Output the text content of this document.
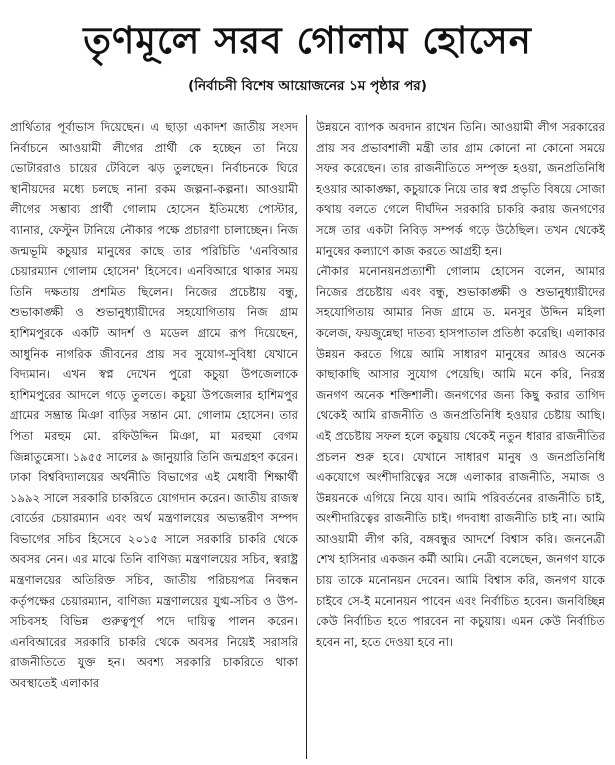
তৃণমূলে সরব গোলাম হোসেন
(নির্বাচনী বিশেষ আয়োজনের ১ম পৃষ্ঠার পর)

প্রার্থিতার পূর্বাভাস দিয়েছেন। এ ছাড়া একাদশ জাতীয় সংসদ নির্বাচনে আওয়ামী লীগের প্রার্থী কে হচ্ছেন তা নিয়ে ভোটাররাও চায়ের টেবিলে ঝড় তুলছেন। নির্বাচনকে ঘিরে স্থানীয়দের মধ্যে চলছে নানা রকম জল্পনা-কল্পনা। আওয়ামী লীগের সম্ভাব্য প্রার্থী গোলাম হোসেন ইতিমধ্যে পোস্টার, ব্যানার, ফেস্টুন টানিয়ে নৌকার পক্ষে প্রচারণা চালাচ্ছেন। নিজ জন্মভূমি কচুয়ার মানুষের কাছে তার পরিচিতি 'এনবিআর চেয়ারম্যান গোলাম হোসেন' হিসেবে। এনবিআরে থাকার সময় তিনি দক্ষতায় প্রশমিত ছিলেন। নিজের প্রচেষ্টায় বন্ধু, শুভাকাঙ্ক্ষী ও শুভানুধ্যায়ীদের সহযোগিতায় নিজ গ্রাম হাশিমপুরকে একটি আদর্শ ও মডেল গ্রামে রূপ দিয়েছেন, আধুনিক নাগরিক জীবনের প্রায় সব সুযোগ-সুবিধা যেখানে বিদ্যমান। এখন স্বপ্ন দেখেন পুরো কচুয়া উপজেলাকে হাশিমপুরের আদলে গড়ে তুলতে। কচুয়া উপজেলার হাশিমপুর গ্রামের সম্ভ্রান্ত মিঞা বাড়ির সন্তান মো. গোলাম হোসেন। তার পিতা মরহুম মো. রফিউদ্দিন মিঞা, মা মরহুমা বেগম জিন্নাতুন্নেসা। ১৯৫৫ সালের ৯ জানুয়ারি তিনি জন্মগ্রহণ করেন। ঢাকা বিশ্ববিদ্যালয়ের অর্থনীতি বিভাগের এই মেধাবী শিক্ষার্থী ১৯৯২ সালে সরকারি চাকরিতে যোগদান করেন। জাতীয় রাজস্ব বোর্ডের চেয়ারম্যান এবং অর্থ মন্ত্রণালয়ের অভ্যন্তরীণ সম্পদ বিভাগের সচিব হিসেবে ২০১৫ সালে সরকারি চাকরি থেকে অবসর নেন। এর মাঝে তিনি বাণিজ্য মন্ত্রণালয়ের সচিব, স্বরাষ্ট্র মন্ত্রণালয়ের অতিরিক্ত সচিব, জাতীয় পরিচয়পত্র নিবন্ধন কর্তৃপক্ষের চেয়ারম্যান, বাণিজ্য মন্ত্রণালয়ের যুগ্ম-সচিব ও উপ-সচিবসহ বিভিন্ন গুরুত্বপূর্ণ পদে দায়িত্ব পালন করেন। এনবিআরের সরকারি চাকরি থেকে অবসর নিয়েই সরাসরি রাজনীতিতে যুক্ত হন। অবশ্য সরকারি চাকরিতে থাকা অবস্থাতেই এলাকার

উন্নয়নে ব্যাপক অবদান রাখেন তিনি। আওয়ামী লীগ সরকারের প্রায় সব প্রভাবশালী মন্ত্রী তার গ্রাম কোনো না কোনো সময়ে সফর করেছেন। তার রাজনীতিতে সম্পৃক্ত হওয়া, জনপ্রতিনিধি হওয়ার আকাঙ্ক্ষা, কচুয়াকে নিয়ে তার স্বপ্ন প্রভৃতি বিষয়ে সোজা কথায় বলতে গেলে দীর্ঘদিন সরকারি চাকরি করায় জনগণের সঙ্গে তার একটা নিবিড় সম্পর্ক গড়ে উঠেছিল। তখন থেকেই মানুষের কল্যাণে কাজ করতে আগ্রহী হন।

নৌকার মনোনয়নপ্রত্যাশী গোলাম হোসেন বলেন, আমার নিজের প্রচেষ্টায় এবং বন্ধু, শুভাকাঙ্ক্ষী ও শুভানুধ্যায়ীদের সহযোগিতায় আমার নিজ গ্রামে ড. মনসুর উদ্দিন মহিলা কলেজ, ফয়জুন্নেছা দাতব্য হাসপাতাল প্রতিষ্ঠা করেছি। এলাকার উন্নয়ন করতে গিয়ে আমি সাধারণ মানুষের আরও অনেক কাছাকাছি আসার সুযোগ পেয়েছি। আমি মনে করি, নিরস্ত্র জনগণ অনেক শক্তিশালী। জনগণের জন্য কিছু করার তাগিদ থেকেই আমি রাজনীতি ও জনপ্রতিনিধি হওয়ার চেষ্টায় আছি। এই প্রচেষ্টায় সফল হলে কচুয়ায় থেকেই নতুন ধারার রাজনীতির প্রচলন শুরু হবে। যেখানে সাধারণ মানুষ ও জনপ্রতিনিধি একযোগে অংশীদারিত্বের সঙ্গে এলাকার রাজনীতি, সমাজ ও উন্নয়নকে এগিয়ে নিয়ে যাব। আমি পরিবর্তনের রাজনীতি চাই, অংশীদারিত্বের রাজনীতি চাই। গদবাধা রাজনীতি চাই না। আমি আওয়ামী লীগ করি, বঙ্গবন্ধুর আদর্শে বিশ্বাস করি। জননেত্রী শেখ হাসিনার একজন কর্মী আমি। নেত্রী বলেছেন, জনগণ যাকে চায় তাকে মনোনয়ন দেবেন। আমি বিশ্বাস করি, জনগণ যাকে চাইবে সে-ই মনোনয়ন পাবেন এবং নির্বাচিত হবেন। জনবিচ্ছিন্ন কেউ নির্বাচিত হতে পারবেন না কচুয়ায়। এমন কেউ নির্বাচিত হবেন না, হতে দেওয়া হবে না।
